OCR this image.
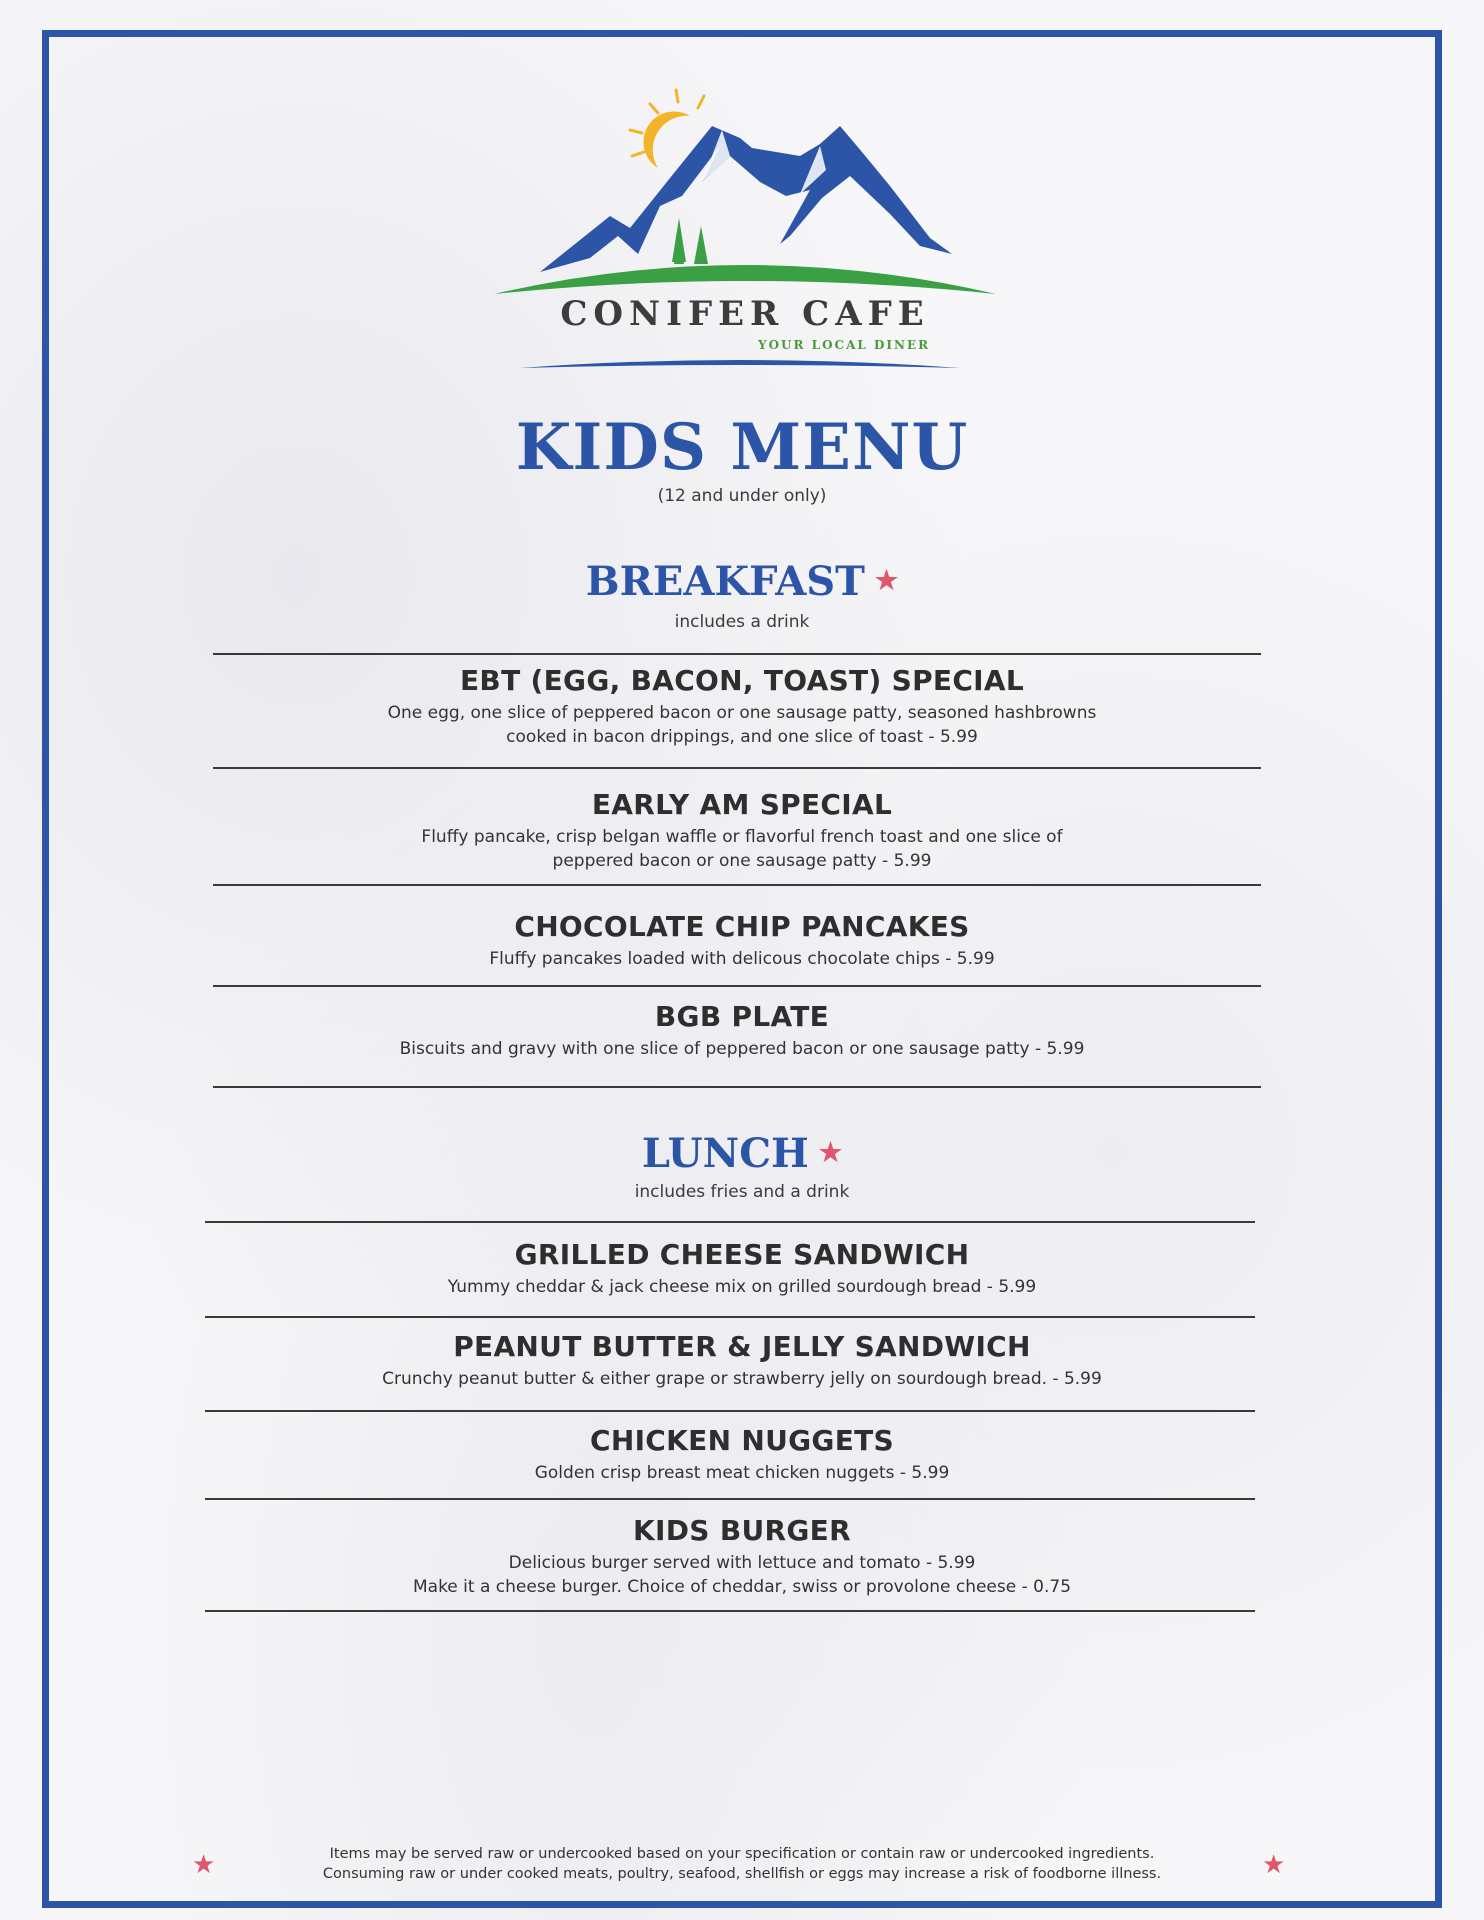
CONIFER CAFE
YOUR LOCAL DINER
KIDS MENU
(12 and under only)
BREAKFAST ★
includes a drink
EBT (EGG, BACON, TOAST) SPECIAL
One egg, one slice of peppered bacon or one sausage patty, seasoned hashbrowns
cooked in bacon drippings, and one slice of toast - 5.99
EARLY AM SPECIAL
Fluffy pancake, crisp belgan waffle or flavorful french toast and one slice of
peppered bacon or one sausage patty - 5.99
CHOCOLATE CHIP PANCAKES
Fluffy pancakes loaded with delicous chocolate chips - 5.99
BGB PLATE
Biscuits and gravy with one slice of peppered bacon or one sausage patty - 5.99
LUNCH ★
includes fries and a drink
GRILLED CHEESE SANDWICH
Yummy cheddar & jack cheese mix on grilled sourdough bread - 5.99
PEANUT BUTTER & JELLY SANDWICH
Crunchy peanut butter & either grape or strawberry jelly on sourdough bread. - 5.99
CHICKEN NUGGETS
Golden crisp breast meat chicken nuggets - 5.99
KIDS BURGER
Delicious burger served with lettuce and tomato - 5.99
Make it a cheese burger. Choice of cheddar, swiss or provolone cheese - 0.75
★	Items may be served raw or undercooked based on your specification or contain raw or undercooked ingredients.
Consuming raw or under cooked meats, poultry, seafood, shellfish or eggs may increase a risk of foodborne illness.	★
